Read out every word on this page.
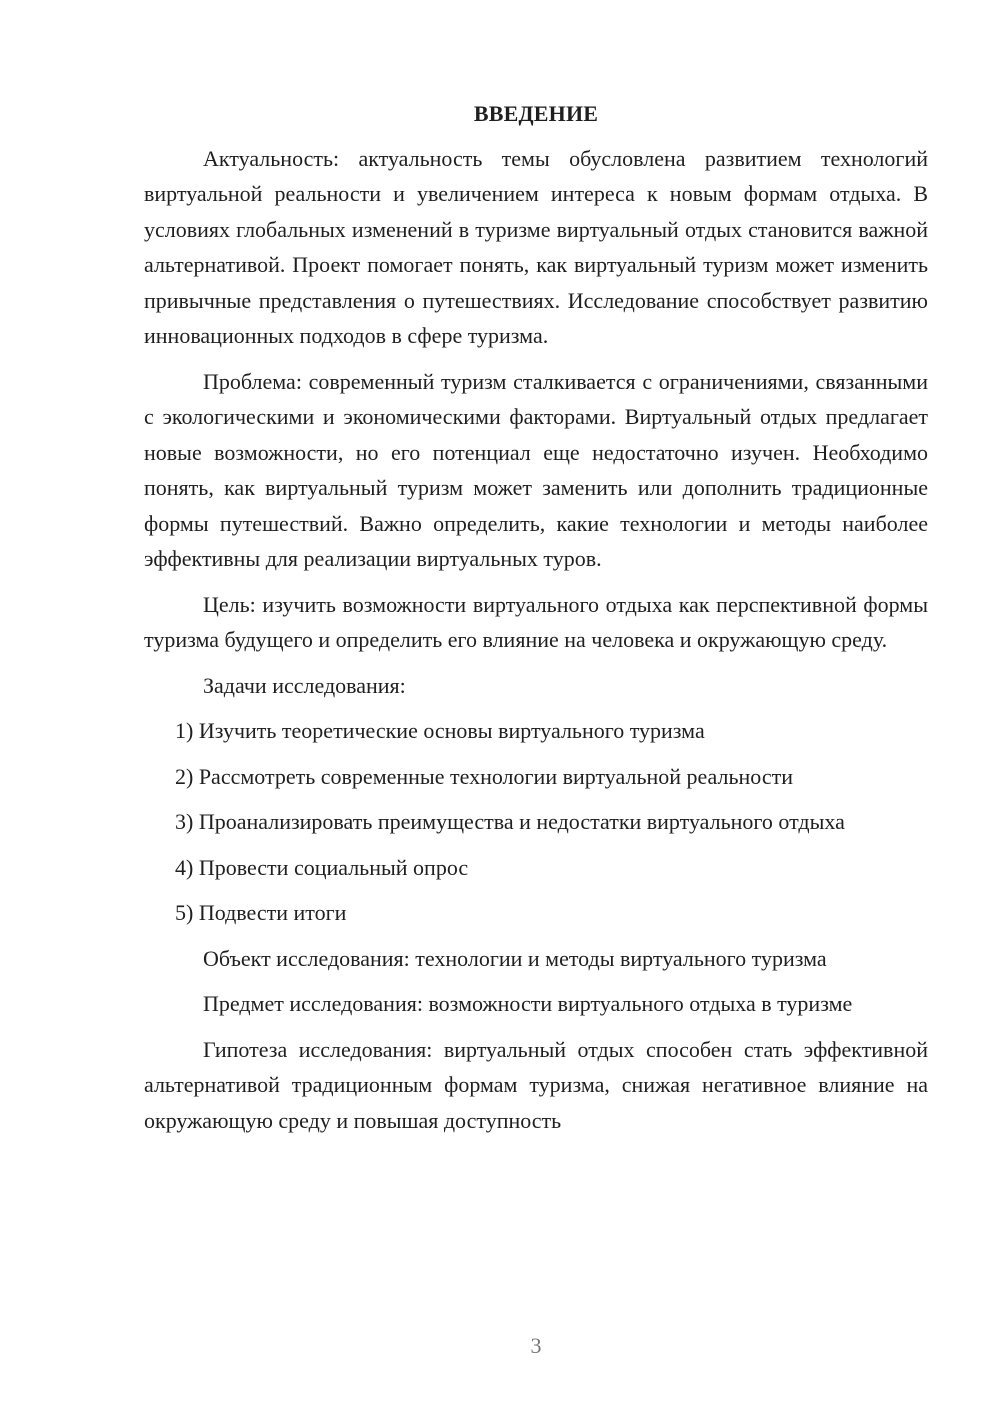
ВВЕДЕНИЕ
Актуальность: актуальность темы обусловлена развитием технологий виртуальной реальности и увеличением интереса к новым формам отдыха. В условиях глобальных изменений в туризме виртуальный отдых становится важной альтернативой. Проект помогает понять, как виртуальный туризм может изменить привычные представления о путешествиях. Исследование способствует развитию инновационных подходов в сфере туризма.
Проблема: современный туризм сталкивается с ограничениями, связанными с экологическими и экономическими факторами. Виртуальный отдых предлагает новые возможности, но его потенциал еще недостаточно изучен. Необходимо понять, как виртуальный туризм может заменить или дополнить традиционные формы путешествий. Важно определить, какие технологии и методы наиболее эффективны для реализации виртуальных туров.
Цель: изучить возможности виртуального отдыха как перспективной формы туризма будущего и определить его влияние на человека и окружающую среду.
Задачи исследования:
1) Изучить теоретические основы виртуального туризма
2) Рассмотреть современные технологии виртуальной реальности
3) Проанализировать преимущества и недостатки виртуального отдыха
4) Провести социальный опрос
5) Подвести итоги
Объект исследования: технологии и методы виртуального туризма
Предмет исследования: возможности виртуального отдыха в туризме
Гипотеза исследования: виртуальный отдых способен стать эффективной альтернативой традиционным формам туризма, снижая негативное влияние на окружающую среду и повышая доступность
3
